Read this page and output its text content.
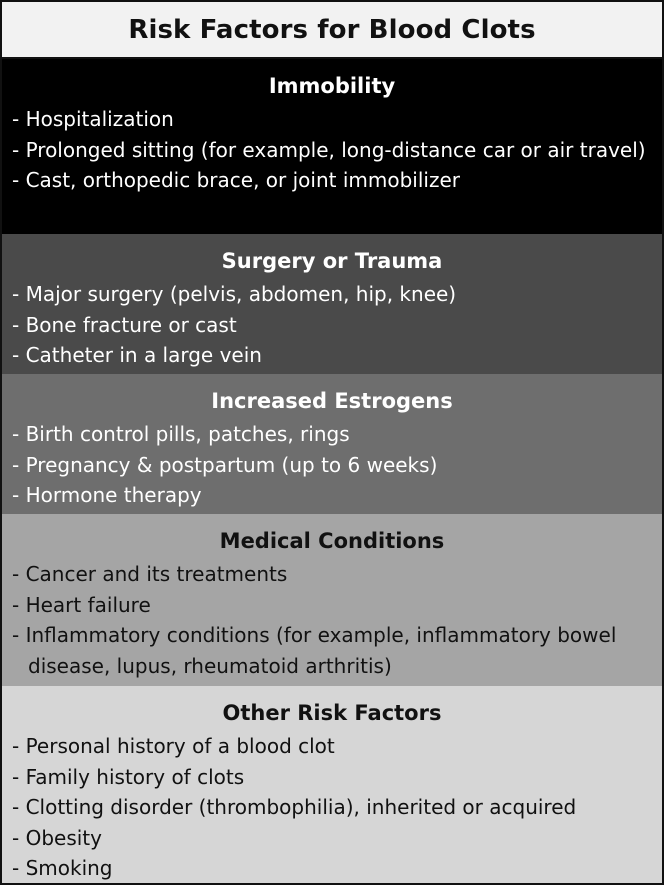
Risk Factors for Blood Clots
Immobility
- Hospitalization
- Prolonged sitting (for example, long-distance car or air travel)
- Cast, orthopedic brace, or joint immobilizer
Surgery or Trauma
- Major surgery (pelvis, abdomen, hip, knee)
- Bone fracture or cast
- Catheter in a large vein
Increased Estrogens
- Birth control pills, patches, rings
- Pregnancy & postpartum (up to 6 weeks)
- Hormone therapy
Medical Conditions
- Cancer and its treatments
- Heart failure
- Inflammatory conditions (for example, inflammatory bowel disease, lupus, rheumatoid arthritis)
Other Risk Factors
- Personal history of a blood clot
- Family history of clots
- Clotting disorder (thrombophilia), inherited or acquired
- Obesity
- Smoking
